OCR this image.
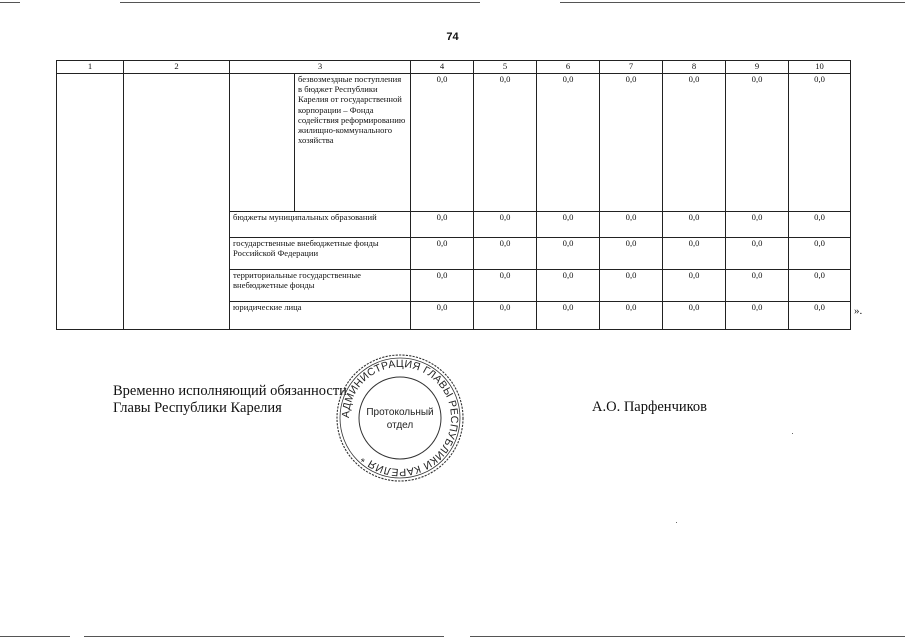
74
1	2	3		4	5	6	7	8	9	10
			безвозмездные поступления в бюджет Республики Карелия от государственной корпорации – Фонда содействия реформированию жилищно-коммунального хозяйства	0,0	0,0	0,0	0,0	0,0	0,0	0,0
		бюджеты муниципальных образований		0,0	0,0	0,0	0,0	0,0	0,0	0,0
		государственные внебюджетные фонды Российской Федерации		0,0	0,0	0,0	0,0	0,0	0,0	0,0
		территориальные государственные внебюджетные фонды		0,0	0,0	0,0	0,0	0,0	0,0	0,0
		юридические лица		0,0	0,0	0,0	0,0	0,0	0,0	0,0	».
Временно исполняющий обязанности
Главы Республики Карелия	АДМИНИСТРАЦИЯ ГЛАВЫ РЕСПУБЛИКИ КАРЕЛИЯ *
Протокольный
отдел
А.О. Парфенчиков
